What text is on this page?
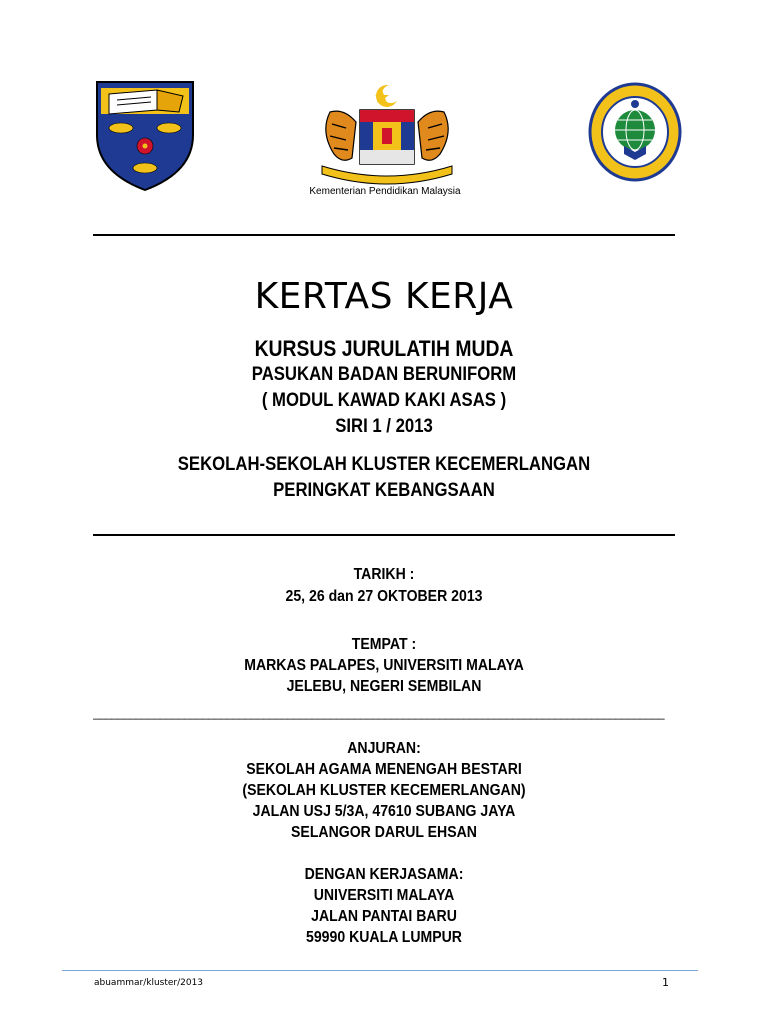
Kementerian Pendidikan Malaysia
KERTAS KERJA
KURSUS JURULATIH MUDA
PASUKAN BADAN BERUNIFORM
( MODUL KAWAD KAKI ASAS )
SIRI 1 / 2013
SEKOLAH-SEKOLAH KLUSTER KECEMERLANGAN
PERINGKAT KEBANGSAAN
TARIKH :
25, 26 dan 27 OKTOBER 2013
TEMPAT :
MARKAS PALAPES, UNIVERSITI MALAYA
JELEBU, NEGERI SEMBILAN
______________________________________________________________________________________________
ANJURAN:
SEKOLAH AGAMA MENENGAH BESTARI
(SEKOLAH KLUSTER KECEMERLANGAN)
JALAN USJ 5/3A, 47610 SUBANG JAYA
SELANGOR DARUL EHSAN
DENGAN KERJASAMA:
UNIVERSITI MALAYA
JALAN PANTAI BARU
59990 KUALA LUMPUR
abuammar/kluster/2013	1
